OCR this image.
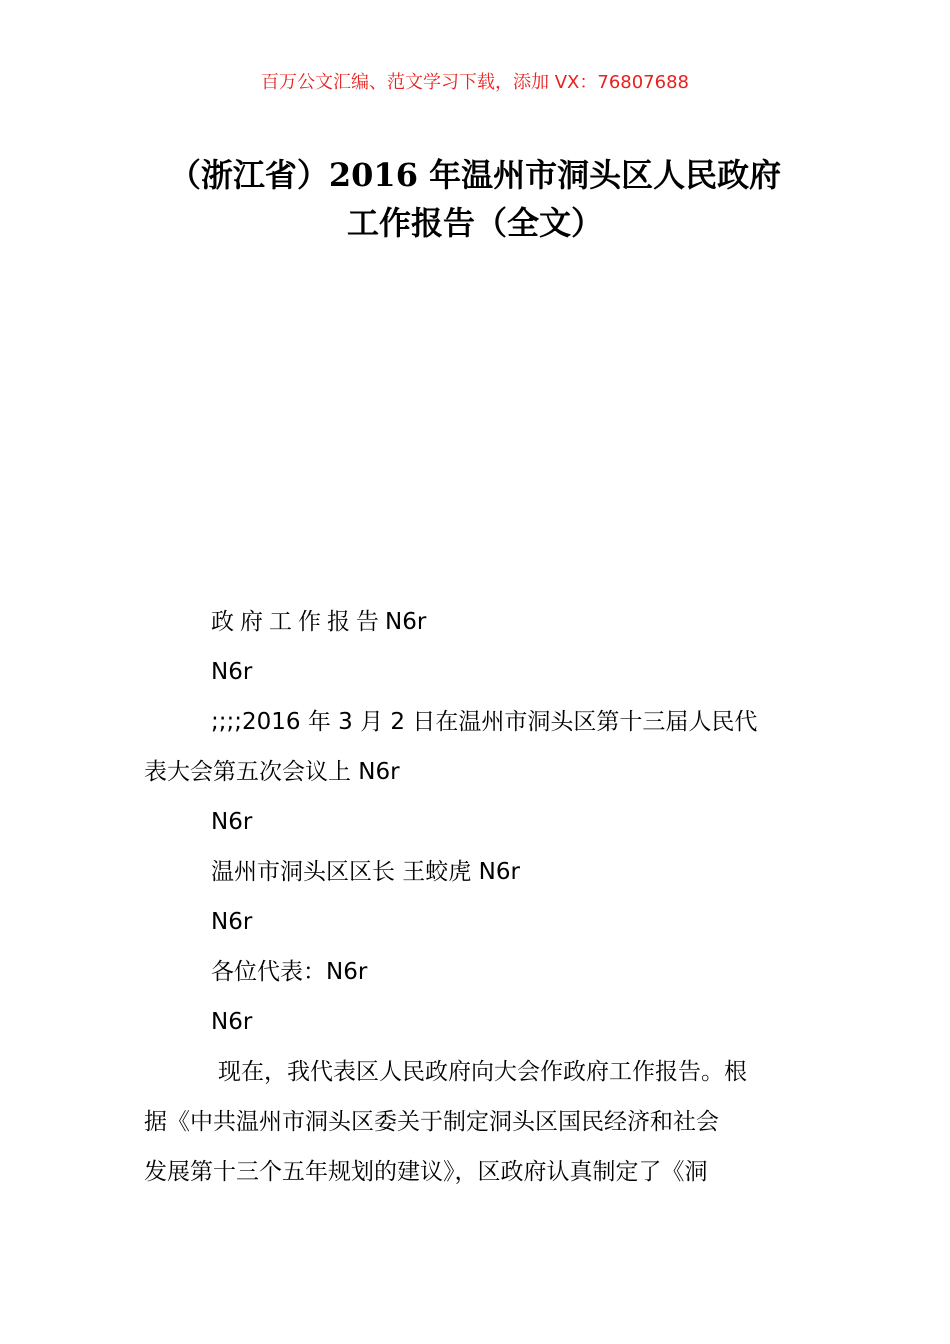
百万公文汇编、范文学习下载，添加 VX：76807688
（浙江省）2016 年温州市洞头区人民政府
工作报告（全文）
政府工作报告N6r
N6r
;;;;2016 年 3 月 2 日在温州市洞头区第十三届人民代
表大会第五次会议上 N6r
N6r
温州市洞头区区长 王蛟虎 N6r
N6r
各位代表：N6r
N6r
现在，我代表区人民政府向大会作政府工作报告。根
据《中共温州市洞头区委关于制定洞头区国民经济和社会
发展第十三个五年规划的建议》，区政府认真制定了《洞
